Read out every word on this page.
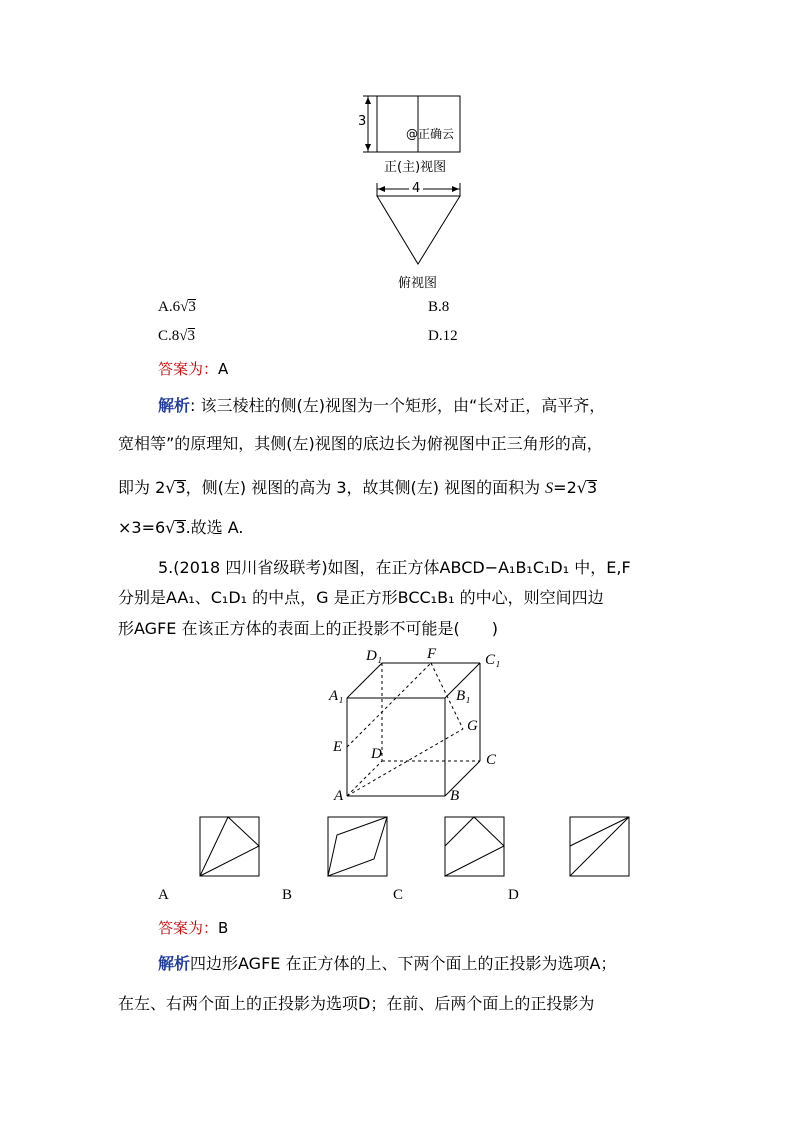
3
@正确云
正(主)视图
4
俯视图
A.6√3	B.8
C.8√3	D.12
答案为：A
解析: 该三棱柱的侧(左)视图为一个矩形，由“长对正，高平齐，
宽相等”的原理知，其侧(左)视图的底边长为俯视图中正三角形的高，
即为 2√3，侧(左) 视图的高为 3，故其侧(左) 视图的面积为 S=2√3
×3=6√3.故选 A.
5.(2018 四川省级联考)如图，在正方体ABCD−A₁B₁C₁D₁ 中，E,F
分别是AA₁、C₁D₁ 的中点，G 是正方形BCC₁B₁ 的中心，则空间四边
形AGFE 在该正方体的表面上的正投影不可能是(　　)
D₁	F	C₁
A₁	B₁
G
E D	C
A	B
A	B	C	D
答案为：B
解析四边形AGFE 在正方体的上、下两个面上的正投影为选项A；
在左、右两个面上的正投影为选项D；在前、后两个面上的正投影为
